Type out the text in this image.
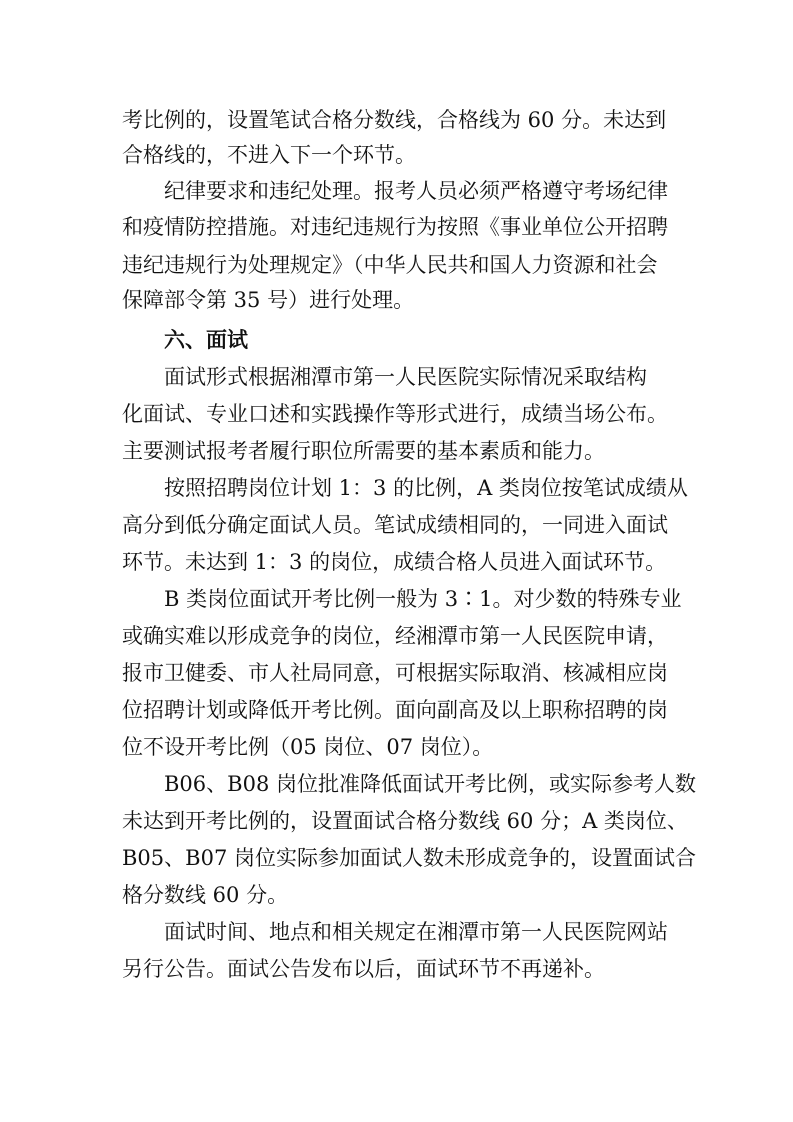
考比例的，设置笔试合格分数线，合格线为 60 分。未达到
合格线的，不进入下一个环节。
纪律要求和违纪处理。报考人员必须严格遵守考场纪律
和疫情防控措施。对违纪违规行为按照《事业单位公开招聘
违纪违规行为处理规定》（中华人民共和国人力资源和社会
保障部令第 35 号）进行处理。
六、面试
面试形式根据湘潭市第一人民医院实际情况采取结构
化面试、专业口述和实践操作等形式进行，成绩当场公布。
主要测试报考者履行职位所需要的基本素质和能力。
按照招聘岗位计划 1：3 的比例，A 类岗位按笔试成绩从
高分到低分确定面试人员。笔试成绩相同的，一同进入面试
环节。未达到 1：3 的岗位，成绩合格人员进入面试环节。
B 类岗位面试开考比例一般为 3∶1。对少数的特殊专业
或确实难以形成竞争的岗位，经湘潭市第一人民医院申请，
报市卫健委、市人社局同意，可根据实际取消、核减相应岗
位招聘计划或降低开考比例。面向副高及以上职称招聘的岗
位不设开考比例（05 岗位、07 岗位）。
B06、B08 岗位批准降低面试开考比例，或实际参考人数
未达到开考比例的，设置面试合格分数线 60 分；A 类岗位、
B05、B07 岗位实际参加面试人数未形成竞争的，设置面试合
格分数线 60 分。
面试时间、地点和相关规定在湘潭市第一人民医院网站
另行公告。面试公告发布以后，面试环节不再递补。
